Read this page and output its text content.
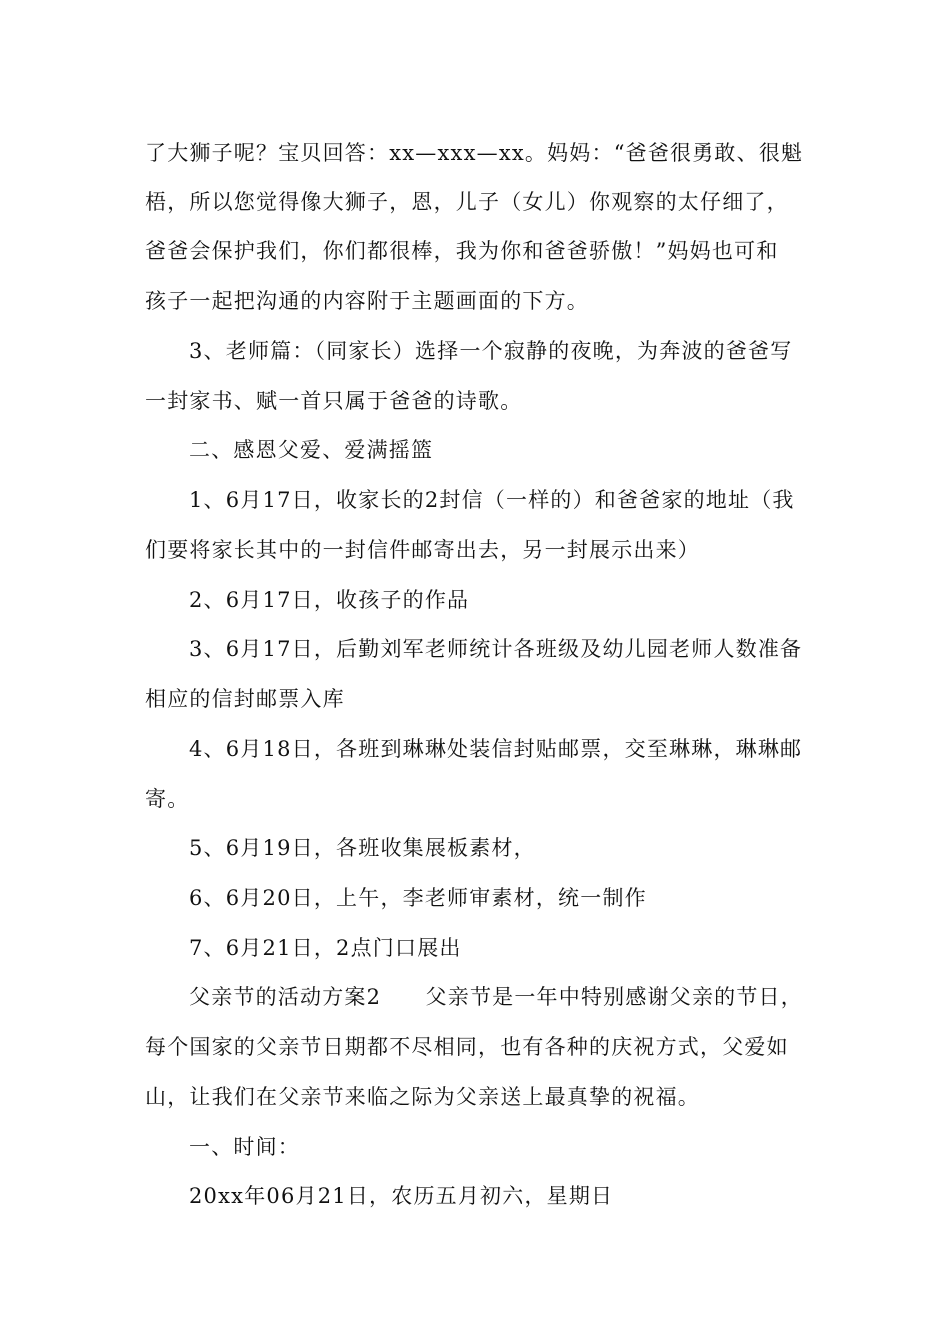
了大狮子呢？宝贝回答：xx—xxx—xx。妈妈：“爸爸很勇敢、很魁
梧，所以您觉得像大狮子，恩，儿子（女儿）你观察的太仔细了，
爸爸会保护我们，你们都很棒，我为你和爸爸骄傲！”妈妈也可和
孩子一起把沟通的内容附于主题画面的下方。
3、老师篇：（同家长）选择一个寂静的夜晚，为奔波的爸爸写
一封家书、赋一首只属于爸爸的诗歌。
二、感恩父爱、爱满摇篮
1、6月17日，收家长的2封信（一样的）和爸爸家的地址（我
们要将家长其中的一封信件邮寄出去，另一封展示出来）
2、6月17日，收孩子的作品
3、6月17日，后勤刘军老师统计各班级及幼儿园老师人数准备
相应的信封邮票入库
4、6月18日，各班到琳琳处装信封贴邮票，交至琳琳，琳琳邮
寄。
5、6月19日，各班收集展板素材，
6、6月20日，上午，李老师审素材，统一制作
7、6月21日，2点门口展出
父亲节的活动方案2　　父亲节是一年中特别感谢父亲的节日，
每个国家的父亲节日期都不尽相同，也有各种的庆祝方式，父爱如
山，让我们在父亲节来临之际为父亲送上最真挚的祝福。
一、时间：
20xx年06月21日，农历五月初六，星期日
